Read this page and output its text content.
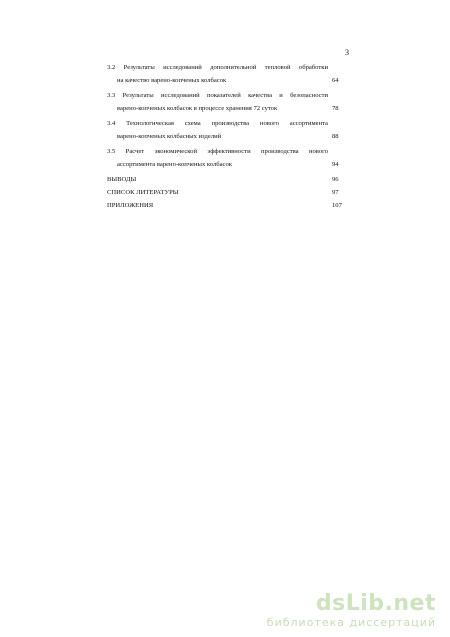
3
3.2 Результаты исследований дополнительной тепловой обработки
на качество варено-копченых колбасок	64
3.3 Результаты исследований показателей качества и безопасности
варено-копченых колбасок в процессе хранения 72 суток	78
3.4 Технологическая схема производства нового ассортимента
варено-копченых колбасных изделий	88
3.5 Расчет экономической эффективности производства нового
ассортимента варено-копченых колбасок	94
ВЫВОДЫ	96
СПИСОК ЛИТЕРАТУРЫ	97
ПРИЛОЖЕНИЯ	107
dsLib.net
библиотека диссертаций
